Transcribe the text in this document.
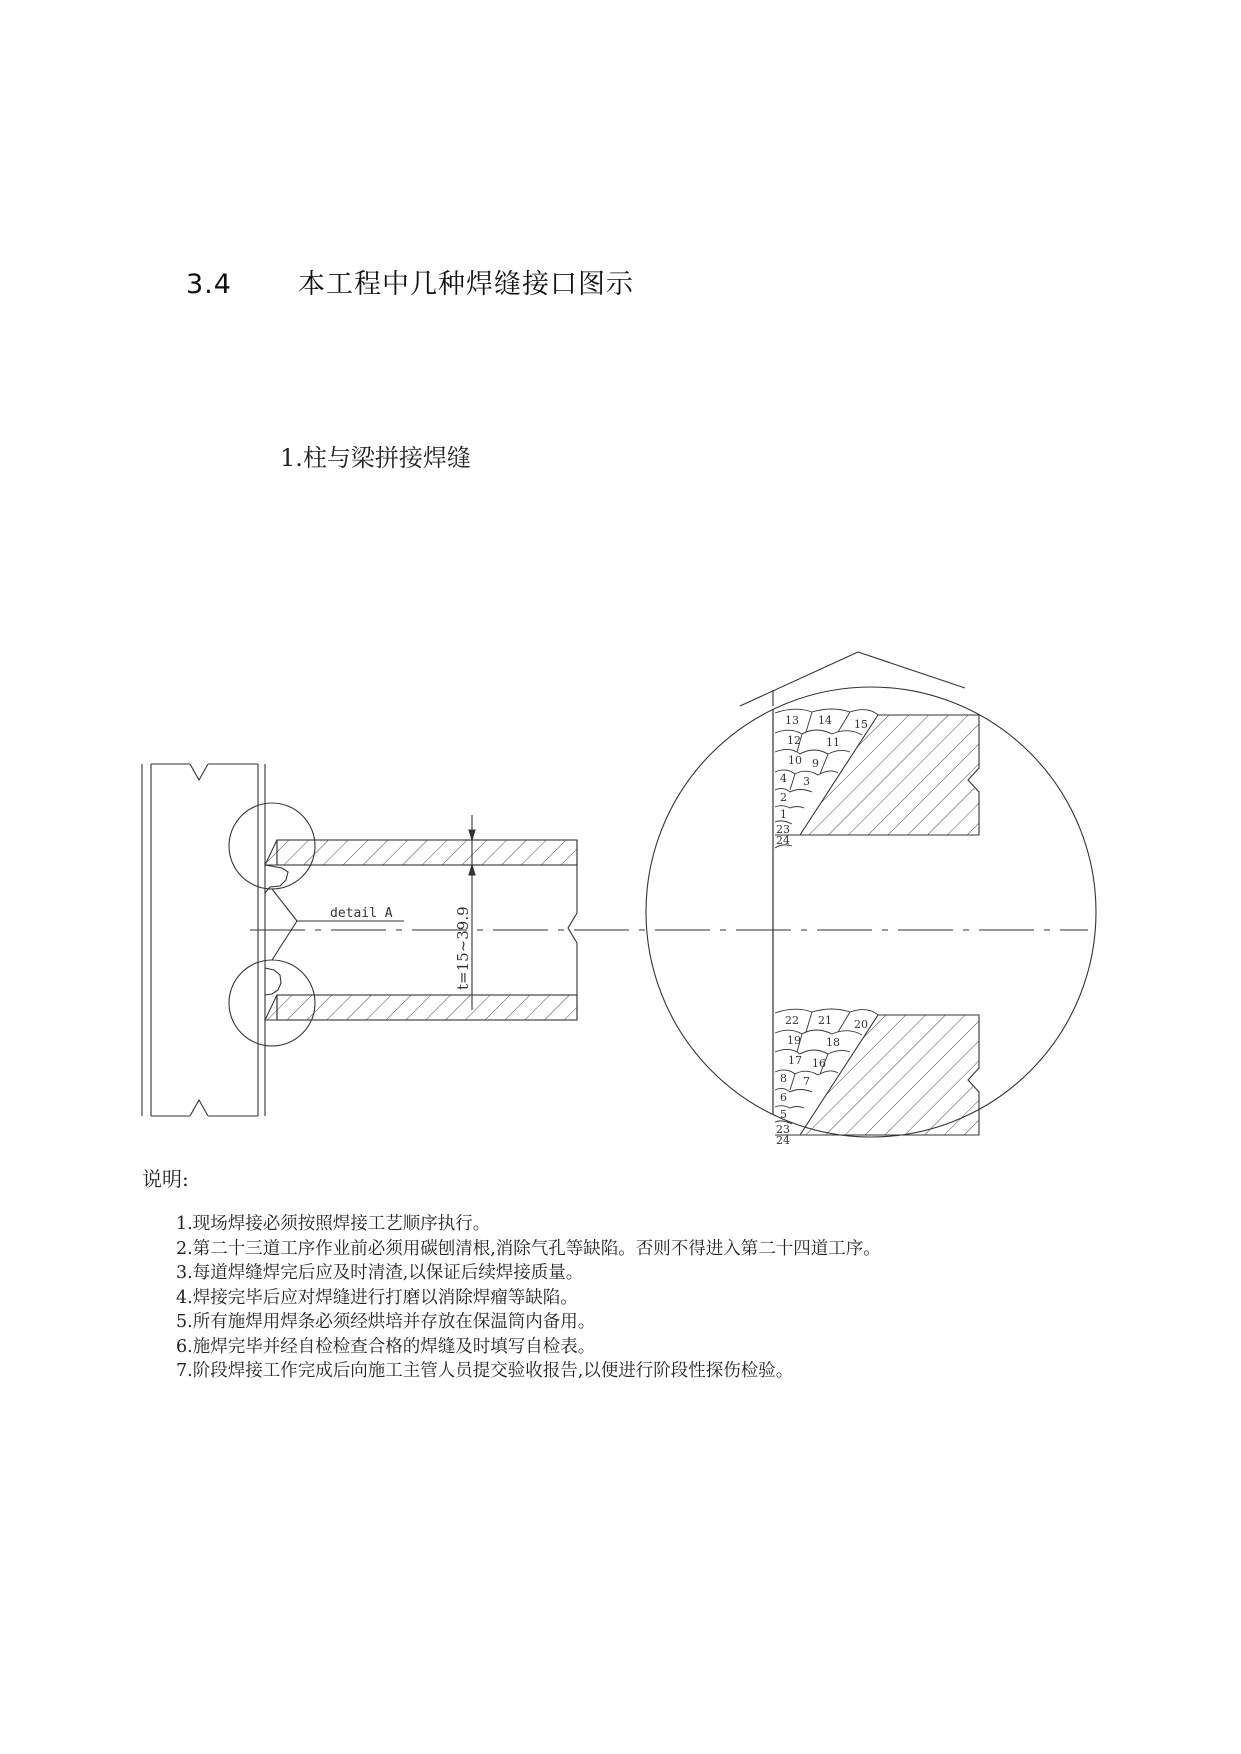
3.4 本工程中几种焊缝接口图示
1.柱与梁拼接焊缝
detail A	t=15~39.9
13 14 15
12 11
10 9
4 3
2
1
23
24
22 21 20
19 18
17 16
8 7
6
5
23
24
说明:
1.现场焊接必须按照焊接工艺顺序执行。
2.第二十三道工序作业前必须用碳刨清根,消除气孔等缺陷。否则不得进入第二十四道工序。
3.每道焊缝焊完后应及时清渣,以保证后续焊接质量。
4.焊接完毕后应对焊缝进行打磨以消除焊瘤等缺陷。
5.所有施焊用焊条必须经烘培并存放在保温筒内备用。
6.施焊完毕并经自检检查合格的焊缝及时填写自检表。
7.阶段焊接工作完成后向施工主管人员提交验收报告,以便进行阶段性探伤检验。
